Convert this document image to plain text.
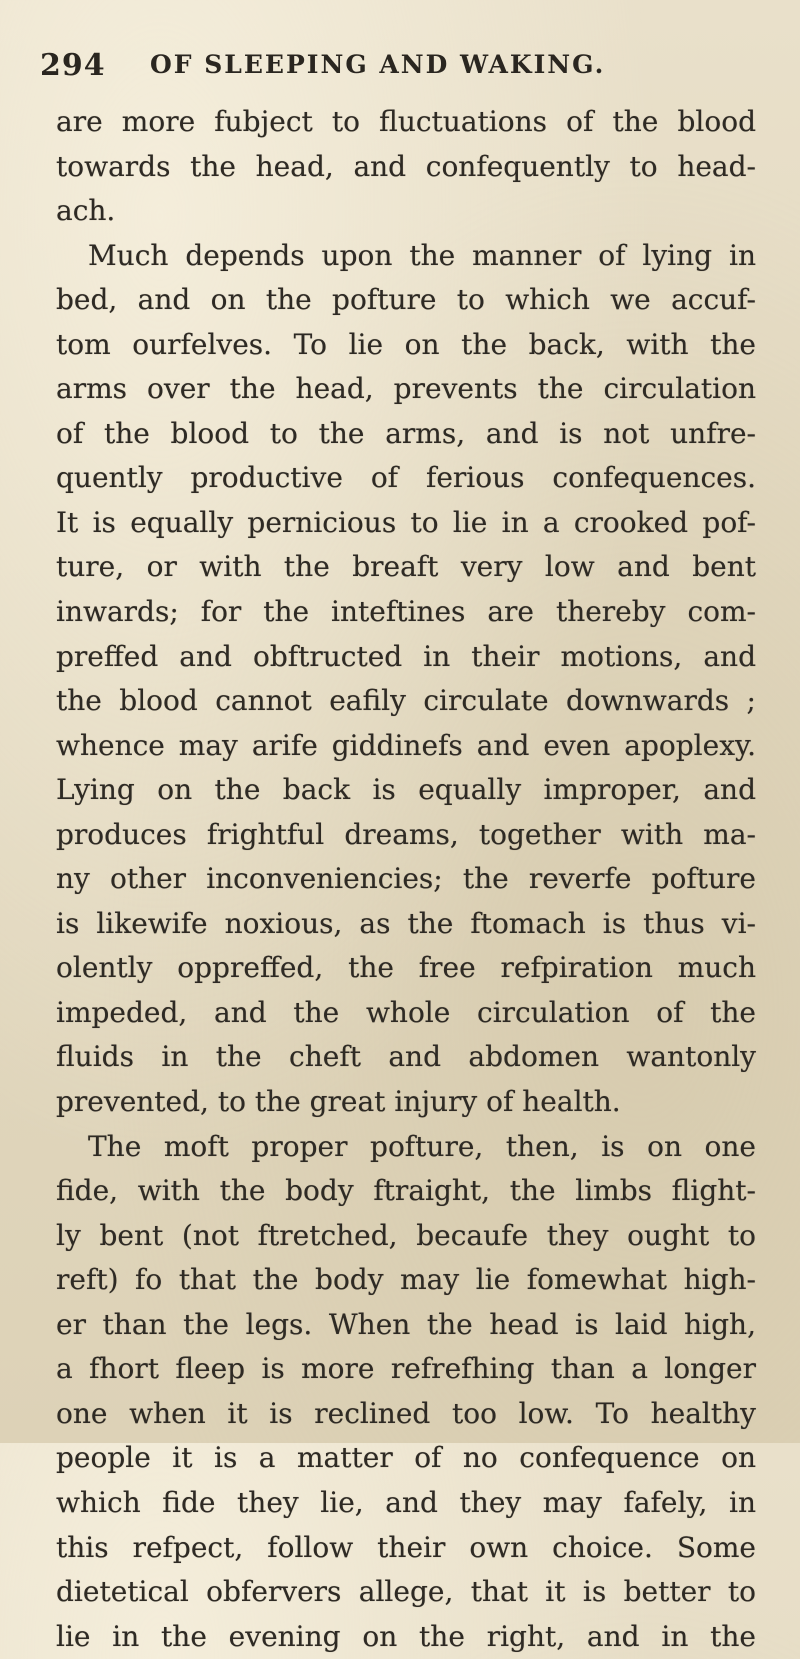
294 OF SLEEPING AND WAKING.
are more fubject to fluctuations of the blood
towards the head, and confequently to head-
ach.
Much depends upon the manner of lying in
bed, and on the pofture to which we accuf-
tom ourfelves. To lie on the back, with the
arms over the head, prevents the circulation
of the blood to the arms, and is not unfre-
quently productive of ferious confequences.
It is equally pernicious to lie in a crooked pof-
ture, or with the breaft very low and bent
inwards; for the inteftines are thereby com-
preffed and obftructed in their motions, and
the blood cannot eafily circulate downwards ;
whence may arife giddinefs and even apoplexy.
Lying on the back is equally improper, and
produces frightful dreams, together with ma-
ny other inconveniencies; the reverfe pofture
is likewife noxious, as the ftomach is thus vi-
olently oppreffed, the free refpiration much
impeded, and the whole circulation of the
fluids in the cheft and abdomen wantonly
prevented, to the great injury of health.
The moft proper pofture, then, is on one
fide, with the body ftraight, the limbs flight-
ly bent (not ftretched, becaufe they ought to
reft) fo that the body may lie fomewhat high-
er than the legs. When the head is laid high,
a fhort fleep is more refrefhing than a longer
one when it is reclined too low. To healthy
people it is a matter of no confequence on
which fide they lie, and they may fafely, in
this refpect, follow their own choice. Some
dietetical obfervers allege, that it is better to
lie in the evening on the right, and in the
